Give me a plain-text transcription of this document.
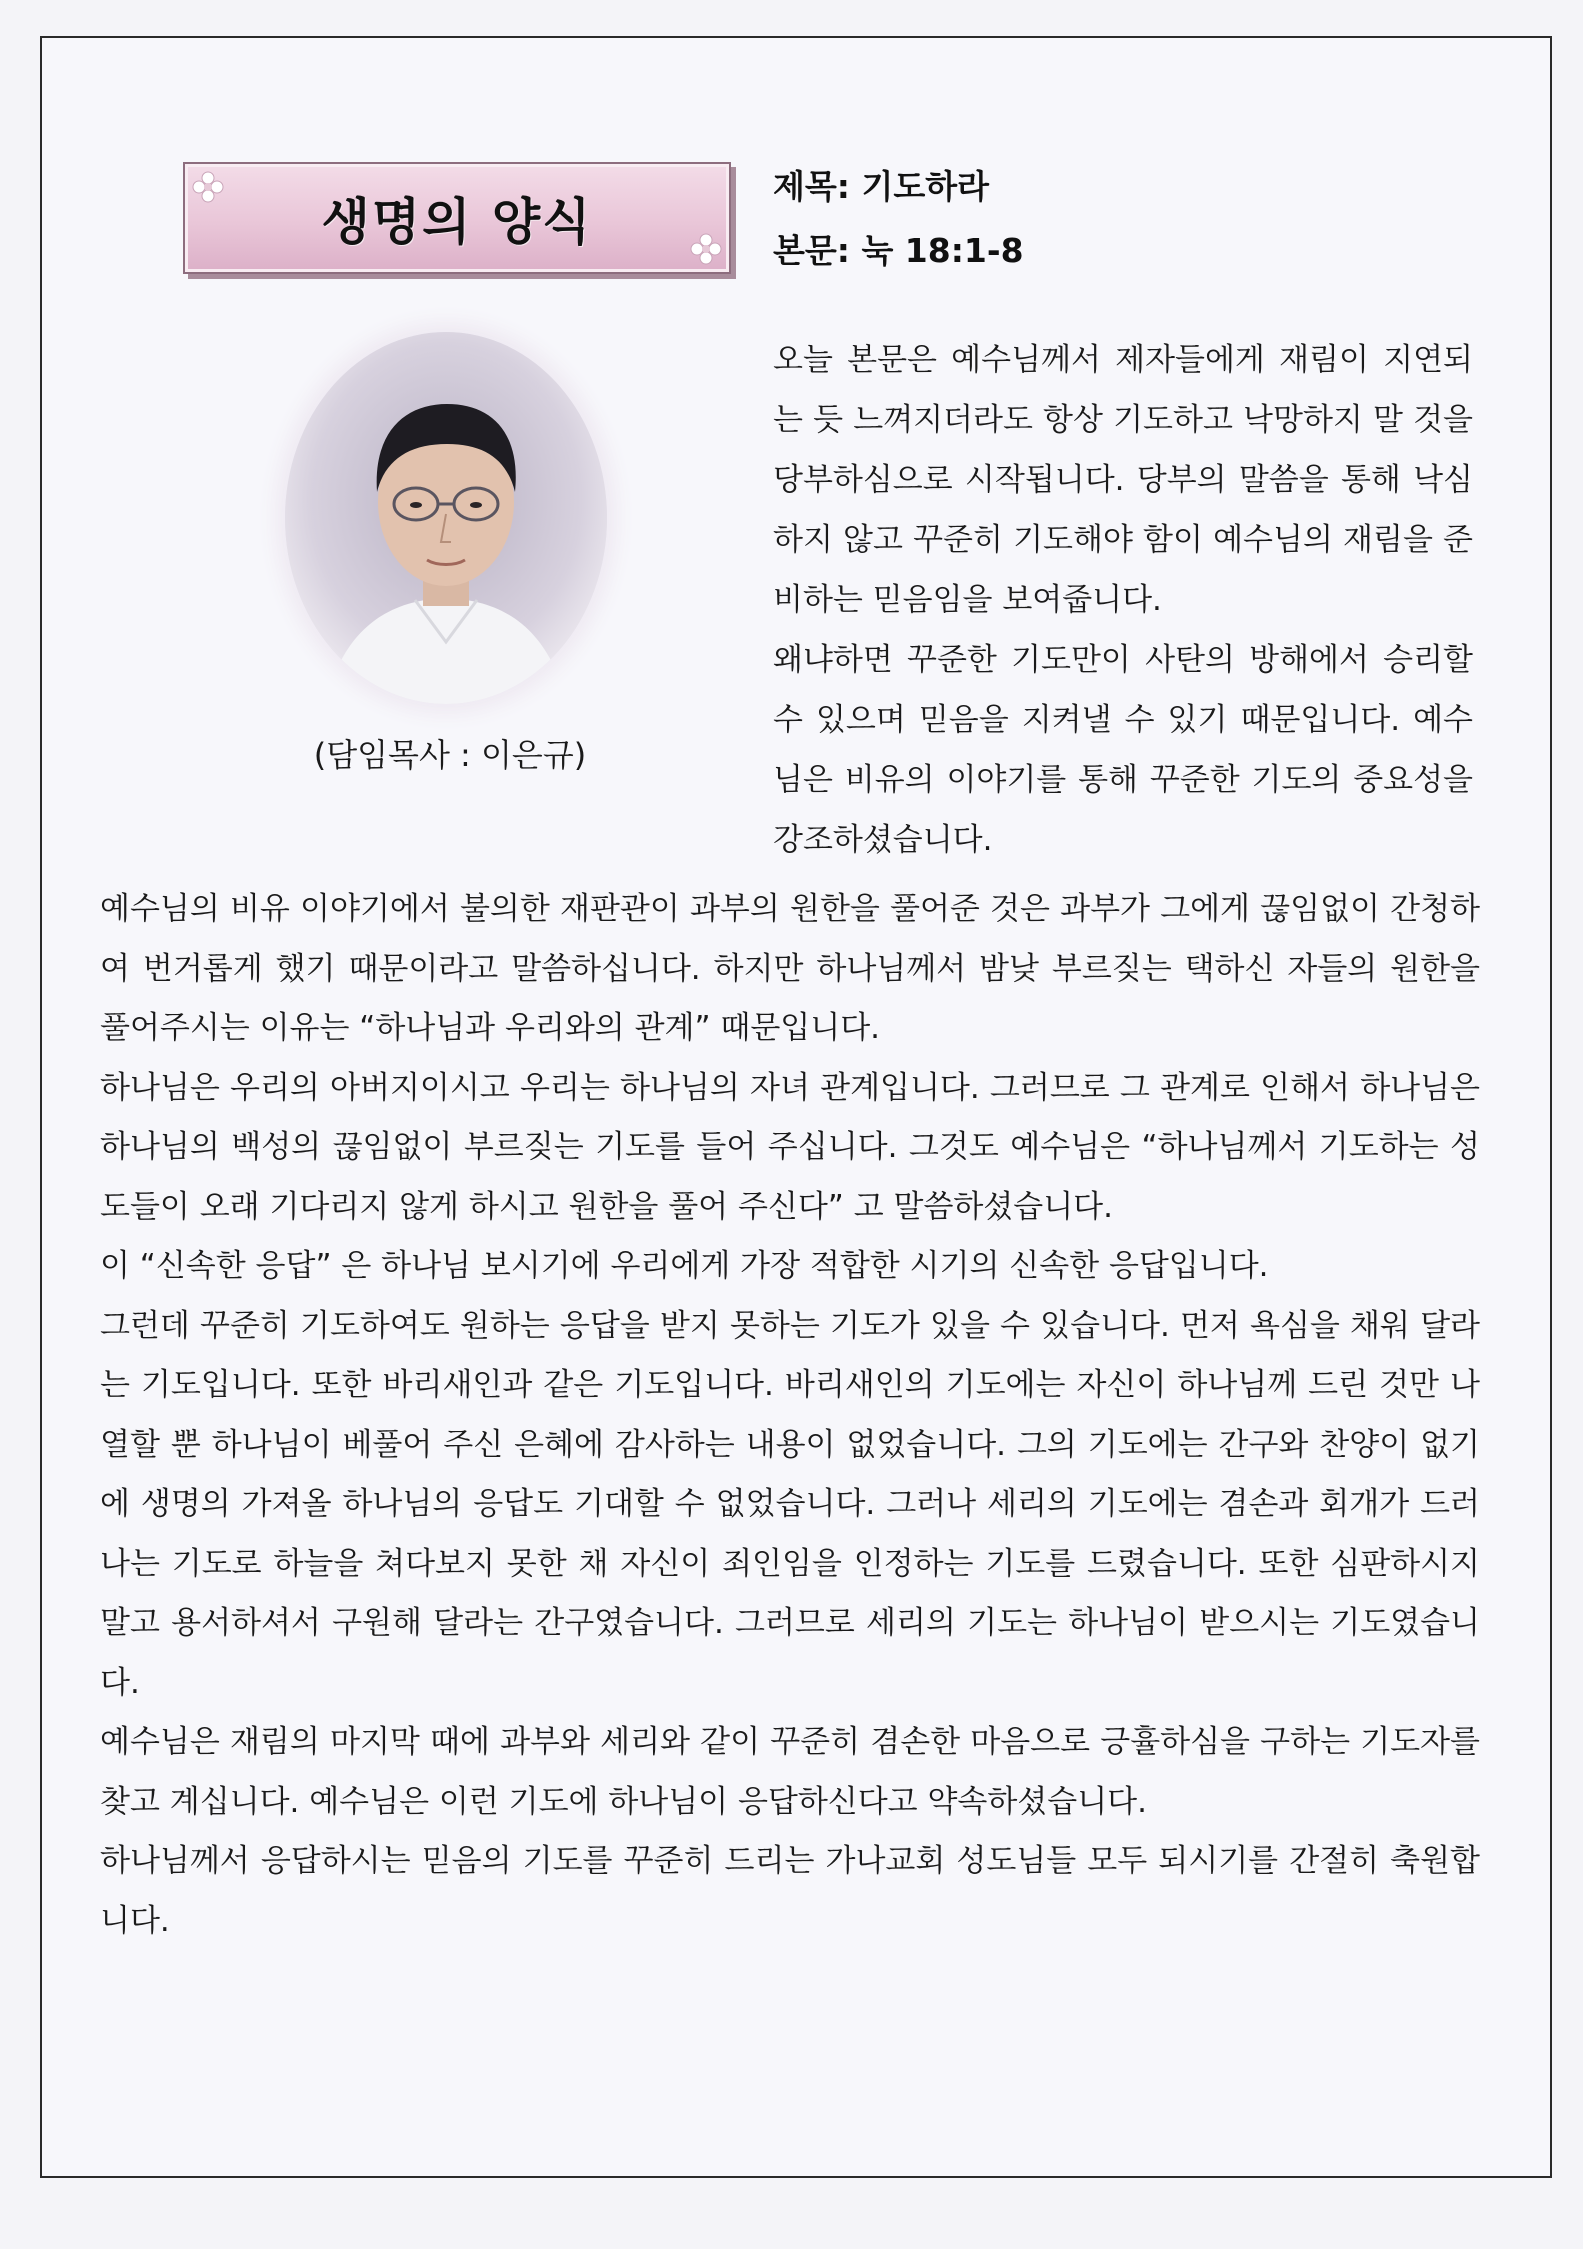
생명의 양식
제목: 기도하라
본문: 눅 18:1-8
(담임목사 : 이은규)

오늘 본문은 예수님께서 제자들에게 재림이 지연되는 듯 느껴지더라도 항상 기도하고 낙망하지 말 것을 당부하심으로 시작됩니다. 당부의 말씀을 통해 낙심하지 않고 꾸준히 기도해야 함이 예수님의 재림을 준비하는 믿음임을 보여줍니다.

왜냐하면 꾸준한 기도만이 사탄의 방해에서 승리할 수 있으며 믿음을 지켜낼 수 있기 때문입니다. 예수님은 비유의 이야기를 통해 꾸준한 기도의 중요성을 강조하셨습니다.

예수님의 비유 이야기에서 불의한 재판관이 과부의 원한을 풀어준 것은 과부가 그에게 끊임없이 간청하여 번거롭게 했기 때문이라고 말씀하십니다. 하지만 하나님께서 밤낮 부르짖는 택하신 자들의 원한을 풀어주시는 이유는 “하나님과 우리와의 관계” 때문입니다.

하나님은 우리의 아버지이시고 우리는 하나님의 자녀 관계입니다. 그러므로 그 관계로 인해서 하나님은 하나님의 백성의 끊임없이 부르짖는 기도를 들어 주십니다. 그것도 예수님은 “하나님께서 기도하는 성도들이 오래 기다리지 않게 하시고 원한을 풀어 주신다” 고 말씀하셨습니다.

이 “신속한 응답” 은 하나님 보시기에 우리에게 가장 적합한 시기의 신속한 응답입니다.

그런데 꾸준히 기도하여도 원하는 응답을 받지 못하는 기도가 있을 수 있습니다. 먼저 욕심을 채워 달라는 기도입니다. 또한 바리새인과 같은 기도입니다. 바리새인의 기도에는 자신이 하나님께 드린 것만 나열할 뿐 하나님이 베풀어 주신 은혜에 감사하는 내용이 없었습니다. 그의 기도에는 간구와 찬양이 없기에 생명의 가져올 하나님의 응답도 기대할 수 없었습니다. 그러나 세리의 기도에는 겸손과 회개가 드러나는 기도로 하늘을 쳐다보지 못한 채 자신이 죄인임을 인정하는 기도를 드렸습니다. 또한 심판하시지 말고 용서하셔서 구원해 달라는 간구였습니다. 그러므로 세리의 기도는 하나님이 받으시는 기도였습니다.

예수님은 재림의 마지막 때에 과부와 세리와 같이 꾸준히 겸손한 마음으로 긍휼하심을 구하는 기도자를 찾고 계십니다. 예수님은 이런 기도에 하나님이 응답하신다고 약속하셨습니다.

하나님께서 응답하시는 믿음의 기도를 꾸준히 드리는 가나교회 성도님들 모두 되시기를 간절히 축원합니다.
